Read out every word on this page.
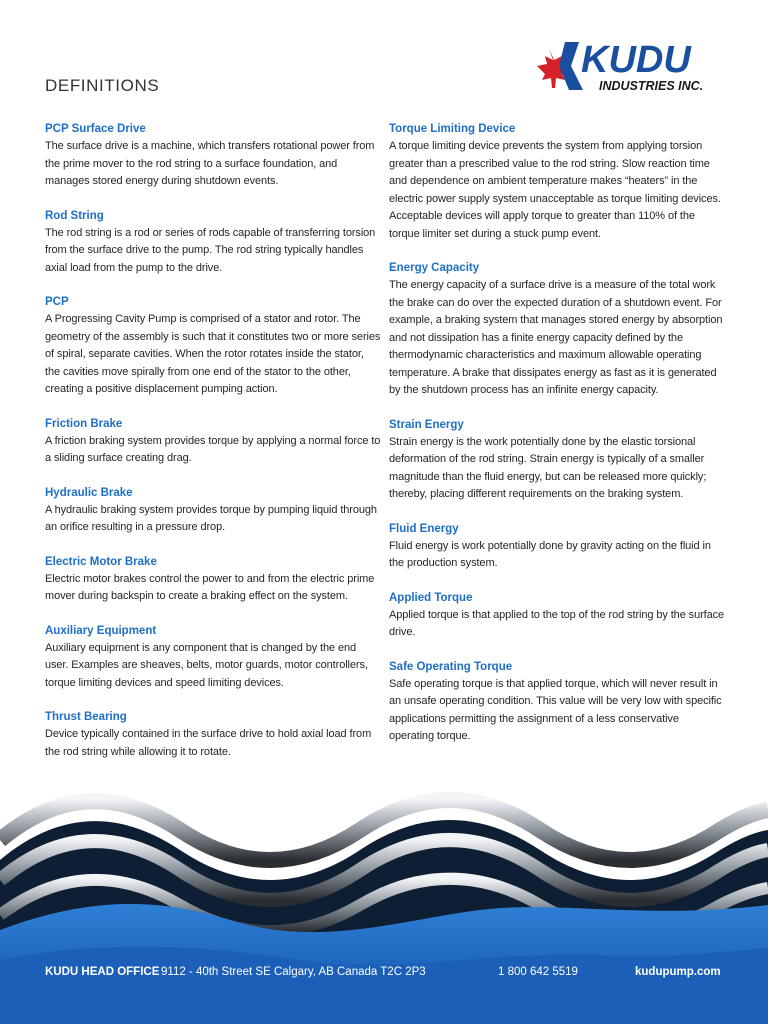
DEFINITIONS
KUDU
INDUSTRIES INC.
PCP Surface Drive
The surface drive is a machine, which transfers rotational power from the prime mover to the rod string to a surface foundation, and manages stored energy during shutdown events.
Rod String
The rod string is a rod or series of rods capable of transferring torsion from the surface drive to the pump. The rod string typically handles axial load from the pump to the drive.
PCP
A Progressing Cavity Pump is comprised of a stator and rotor. The geometry of the assembly is such that it constitutes two or more series of spiral, separate cavities. When the rotor rotates inside the stator, the cavities move spirally from one end of the stator to the other, creating a positive displacement pumping action.
Friction Brake
A friction braking system provides torque by applying a normal force to a sliding surface creating drag.
Hydraulic Brake
A hydraulic braking system provides torque by pumping liquid through an orifice resulting in a pressure drop.
Electric Motor Brake
Electric motor brakes control the power to and from the electric prime mover during backspin to create a braking effect on the system.
Auxiliary Equipment
Auxiliary equipment is any component that is changed by the end user. Examples are sheaves, belts, motor guards, motor controllers, torque limiting devices and speed limiting devices.
Thrust Bearing
Device typically contained in the surface drive to hold axial load from the rod string while allowing it to rotate.
Torque Limiting Device
A torque limiting device prevents the system from applying torsion greater than a prescribed value to the rod string. Slow reaction time and dependence on ambient temperature makes “heaters” in the electric power supply system unacceptable as torque limiting devices. Acceptable devices will apply torque to greater than 110% of the torque limiter set during a stuck pump event.
Energy Capacity
The energy capacity of a surface drive is a measure of the total work the brake can do over the expected duration of a shutdown event. For example, a braking system that manages stored energy by absorption and not dissipation has a finite energy capacity defined by the thermodynamic characteristics and maximum allowable operating temperature. A brake that dissipates energy as fast as it is generated by the shutdown process has an infinite energy capacity.
Strain Energy
Strain energy is the work potentially done by the elastic torsional deformation of the rod string. Strain energy is typically of a smaller magnitude than the fluid energy, but can be released more quickly; thereby, placing different requirements on the braking system.
Fluid Energy
Fluid energy is work potentially done by gravity acting on the fluid in the production system.
Applied Torque
Applied torque is that applied to the top of the rod string by the surface drive.
Safe Operating Torque
Safe operating torque is that applied torque, which will never result in an unsafe operating condition. This value will be very low with specific applications permitting the assignment of a less conservative operating torque.
KUDU HEAD OFFICE 9112 - 40th Street SE Calgary, AB Canada T2C 2P3	1 800 642 5519	kudupump.com
